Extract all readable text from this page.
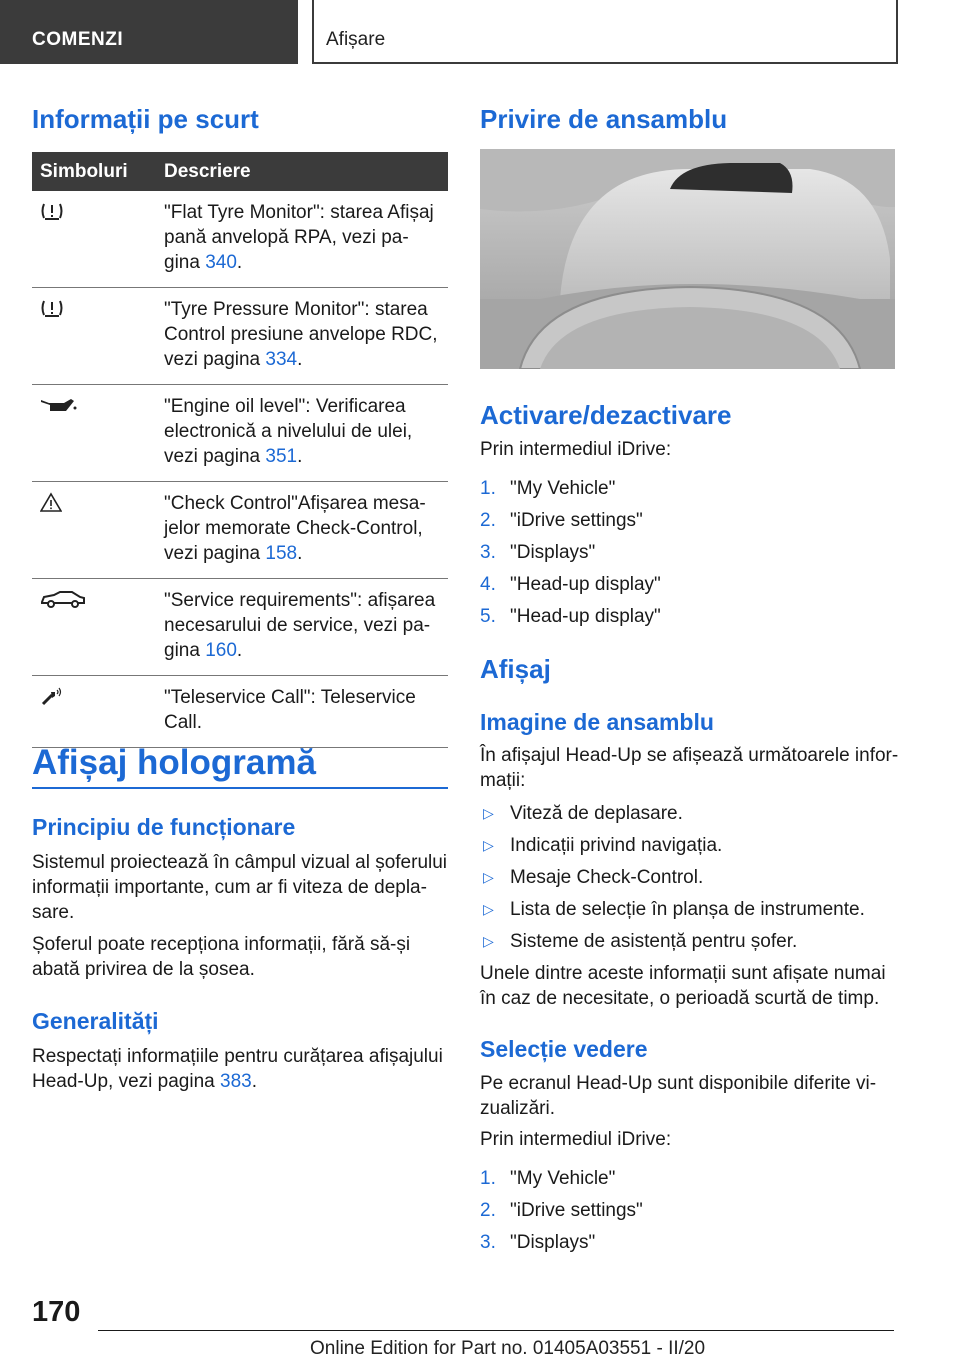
COMENZI	Afișare
Informații pe scurt
Simboluri	Descriere

	"Flat Tyre Monitor": starea Afișaj pană anvelopă RPA, vezi pa-gina 340.

	"Tyre Pressure Monitor": starea Control presiune anvelope RDC, vezi pagina 334.

	"Engine oil level": Verificarea electronică a nivelului de ulei, vezi pagina 351.

	"Check Control"Afișarea mesa-jelor memorate Check-Control, vezi pagina 158.

	"Service requirements": afișarea necesarului de service, vezi pa-gina 160.

	"Teleservice Call": Teleservice Call.
Afișaj hologramă
Principiu de funcționare

Sistemul proiectează în câmpul vizual al șoferului informații importante, cum ar fi viteza de depla-sare.

Șoferul poate recepționa informații, fără să-și abată privirea de la șosea.

Generalități

Respectați informațiile pentru curățarea afișajului Head-Up, vezi pagina 383.

Privire de ansamblu
Activare/dezactivare

Prin intermediul iDrive:

1. "My Vehicle"
2. "iDrive settings"
3. "Displays"
4. "Head-up display"
5. "Head-up display"
Afișaj
Imagine de ansamblu

În afișajul Head-Up se afișează următoarele infor-mații:

▷ Viteză de deplasare.
▷ Indicații privind navigația.
▷ Mesaje Check-Control.
▷ Lista de selecție în planșa de instrumente.
▷ Sisteme de asistență pentru șofer.

Unele dintre aceste informații sunt afișate numai în caz de necesitate, o perioadă scurtă de timp.

Selecție vedere

Pe ecranul Head-Up sunt disponibile diferite vi-zualizări.

Prin intermediul iDrive:

1. "My Vehicle"
2. "iDrive settings"
3. "Displays"
170
Online Edition for Part no. 01405A03551 - II/20
